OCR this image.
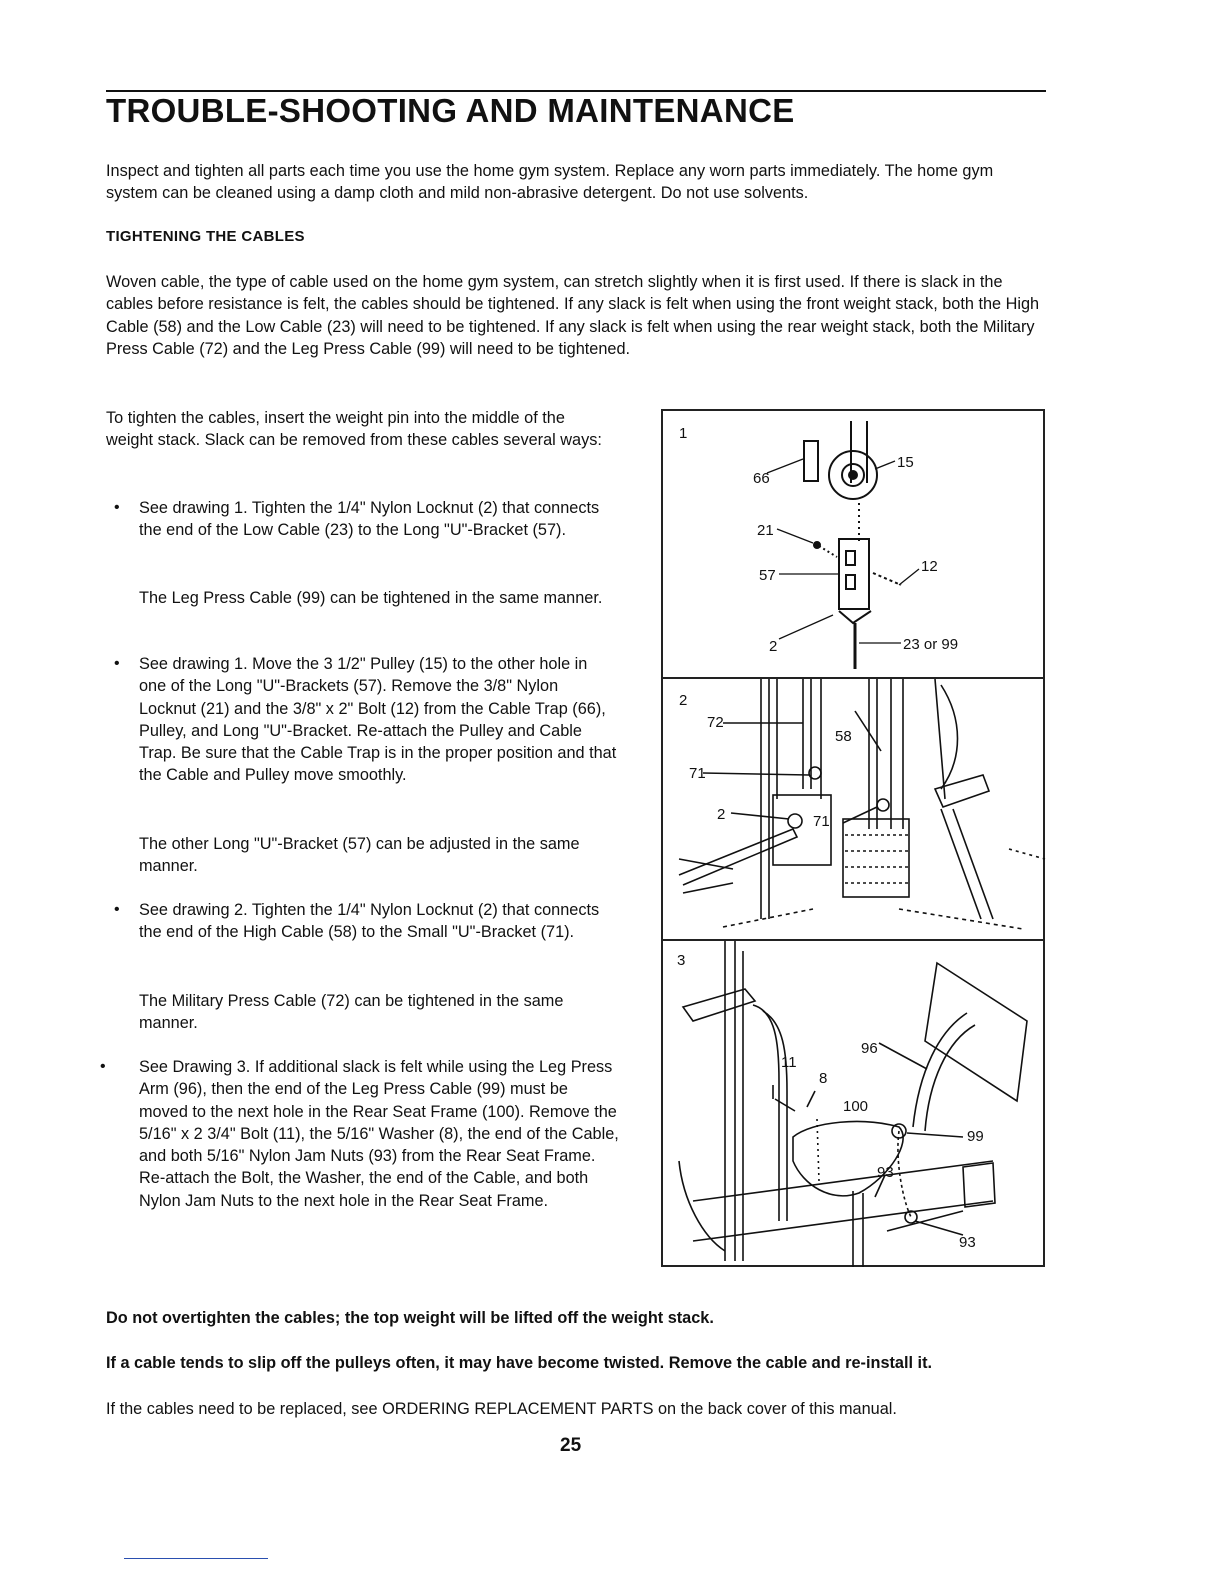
TROUBLE-SHOOTING AND MAINTENANCE

Inspect and tighten all parts each time you use the home gym system. Replace any worn parts immediately. The home gym system can be cleaned using a damp cloth and mild non-abrasive detergent. Do not use solvents.

TIGHTENING THE CABLES

Woven cable, the type of cable used on the home gym system, can stretch slightly when it is first used. If there is slack in the cables before resistance is felt, the cables should be tightened. If any slack is felt when using the front weight stack, both the High Cable (58) and the Low Cable (23) will need to be tightened. If any slack is felt when using the rear weight stack, both the Military Press Cable (72) and the Leg Press Cable (99) will need to be tightened.

To tighten the cables, insert the weight pin into the middle of the weight stack. Slack can be removed from these cables several ways:

• See drawing 1. Tighten the 1/4" Nylon Locknut (2) that connects the end of the Low Cable (23) to the Long "U"-Bracket (57).

The Leg Press Cable (99) can be tightened in the same manner.

• See drawing 1. Move the 3 1/2" Pulley (15) to the other hole in one of the Long "U"-Brackets (57). Remove the 3/8" Nylon Locknut (21) and the 3/8" x 2" Bolt (12) from the Cable Trap (66), Pulley, and Long "U"-Bracket. Re-attach the Pulley and Cable Trap. Be sure that the Cable Trap is in the proper position and that the Cable and Pulley move smoothly.

The other Long "U"-Bracket (57) can be adjusted in the same manner.

• See drawing 2. Tighten the 1/4" Nylon Locknut (2) that connects the end of the High Cable (58) to the Small "U"-Bracket (71).

The Military Press Cable (72) can be tightened in the same manner.

• See Drawing 3. If additional slack is felt while using the Leg Press Arm (96), then the end of the Leg Press Cable (99) must be moved to the next hole in the Rear Seat Frame (100). Remove the 5/16" x 2 3/4" Bolt (11), the 5/16" Washer (8), the end of the Cable, and both 5/16" Nylon Jam Nuts (93) from the Rear Seat Frame. Re-attach the Bolt, the Washer, the end of the Cable, and both Nylon Jam Nuts to the next hole in the Rear Seat Frame.

1
66
15
21
57
12
2	23 or 99
2
72
58
71
2	71
3
96
11
8
100
99
93
93

Do not overtighten the cables; the top weight will be lifted off the weight stack.

If a cable tends to slip off the pulleys often, it may have become twisted. Remove the cable and re-install it.

If the cables need to be replaced, see ORDERING REPLACEMENT PARTS on the back cover of this manual.

25
